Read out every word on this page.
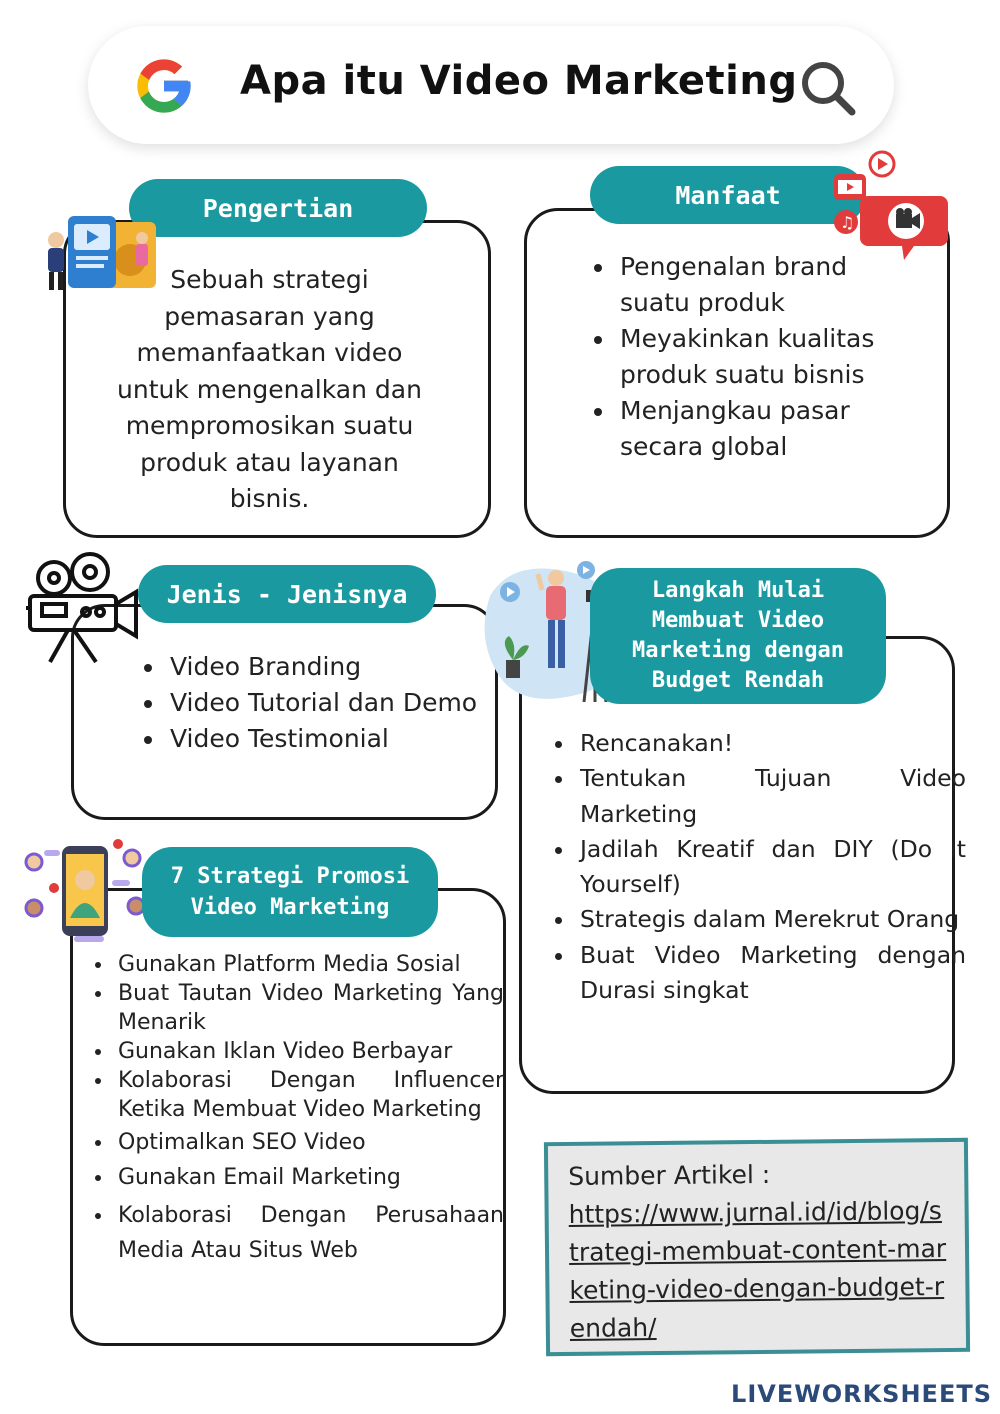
Apa itu Video Marketing
Pengertian
Sebuah strategi pemasaran yang memanfaatkan video untuk mengenalkan dan mempromosikan suatu produk atau layanan bisnis.
Manfaat
♫
• Pengenalan brand suatu produk
• Meyakinkan kualitas produk suatu bisnis
• Menjangkau pasar secara global
Jenis - Jenisnya
• Video Branding
• Video Tutorial dan Demo
• Video Testimonial
Langkah Mulai
Membuat Video
Marketing dengan
Budget Rendah
• Rencanakan!
• Tentukan Tujuan Video Marketing
• Jadilah Kreatif dan DIY (Do It Yourself)
• Strategis dalam Merekrut Orang
• Buat Video Marketing dengan Durasi singkat
7 Strategi Promosi
Video Marketing
• Gunakan Platform Media Sosial
• Buat Tautan Video Marketing Yang Menarik
• Gunakan Iklan Video Berbayar
• Kolaborasi Dengan Influencer Ketika Membuat Video Marketing
• Optimalkan SEO Video
• Gunakan Email Marketing
• Kolaborasi Dengan Perusahaan Media Atau Situs Web
Sumber Artikel :
https://www.jurnal.id/id/blog/strategi-membuat-content-marketing-video-dengan-budget-rendah/
LIVEWORKSHEETS
